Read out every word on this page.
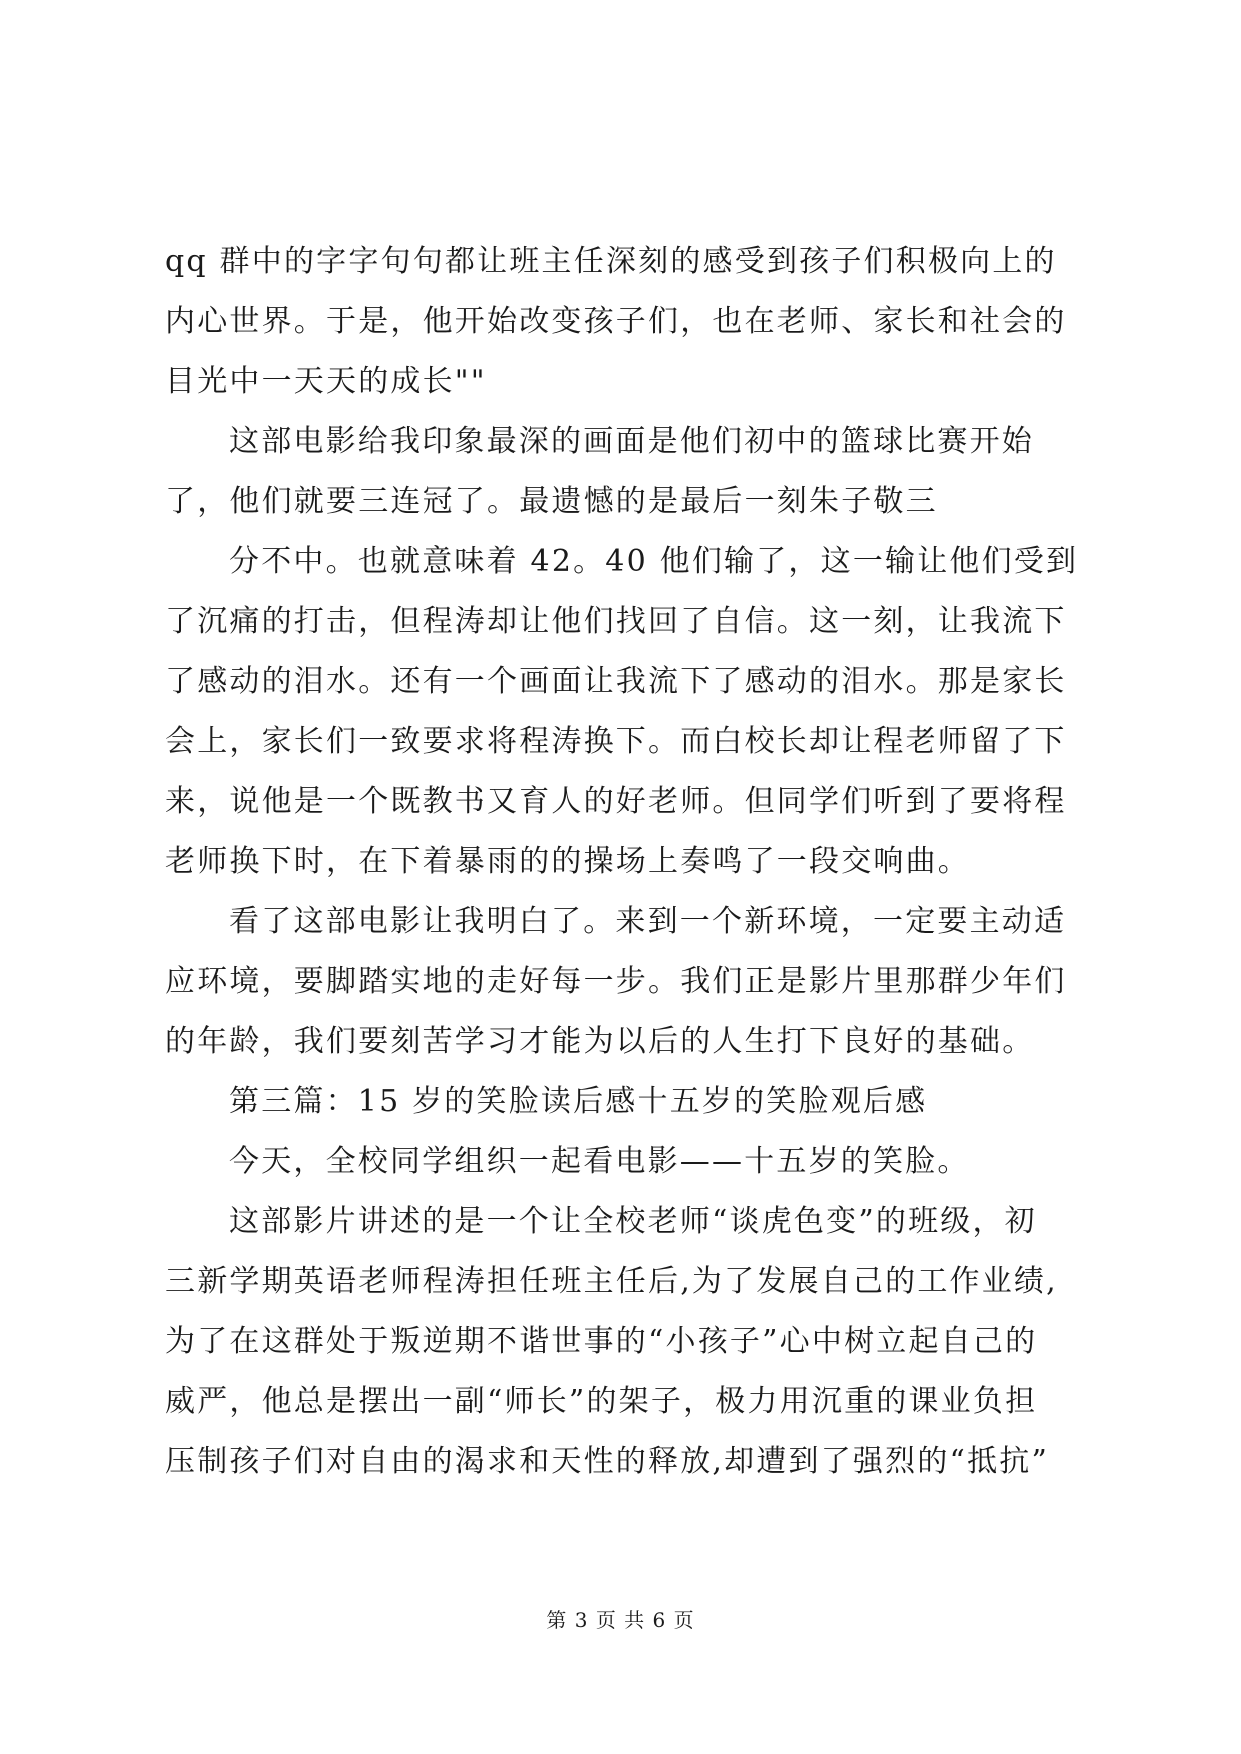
qq 群中的字字句句都让班主任深刻的感受到孩子们积极向上的
内心世界。于是，他开始改变孩子们，也在老师、家长和社会的
目光中一天天的成长""
这部电影给我印象最深的画面是他们初中的篮球比赛开始
了，他们就要三连冠了。最遗憾的是最后一刻朱子敬三
分不中。也就意味着 42。40 他们输了，这一输让他们受到
了沉痛的打击，但程涛却让他们找回了自信。这一刻，让我流下
了感动的泪水。还有一个画面让我流下了感动的泪水。那是家长
会上，家长们一致要求将程涛换下。而白校长却让程老师留了下
来，说他是一个既教书又育人的好老师。但同学们听到了要将程
老师换下时，在下着暴雨的的操场上奏鸣了一段交响曲。
看了这部电影让我明白了。来到一个新环境，一定要主动适
应环境，要脚踏实地的走好每一步。我们正是影片里那群少年们
的年龄，我们要刻苦学习才能为以后的人生打下良好的基础。
第三篇：15 岁的笑脸读后感十五岁的笑脸观后感
今天，全校同学组织一起看电影——十五岁的笑脸。
这部影片讲述的是一个让全校老师“谈虎色变”的班级，初
三新学期英语老师程涛担任班主任后,为了发展自己的工作业绩,
为了在这群处于叛逆期不谐世事的“小孩子”心中树立起自己的
威严，他总是摆出一副“师长”的架子，极力用沉重的课业负担
压制孩子们对自由的渴求和天性的释放,却遭到了强烈的“抵抗”
第 3 页 共 6 页
